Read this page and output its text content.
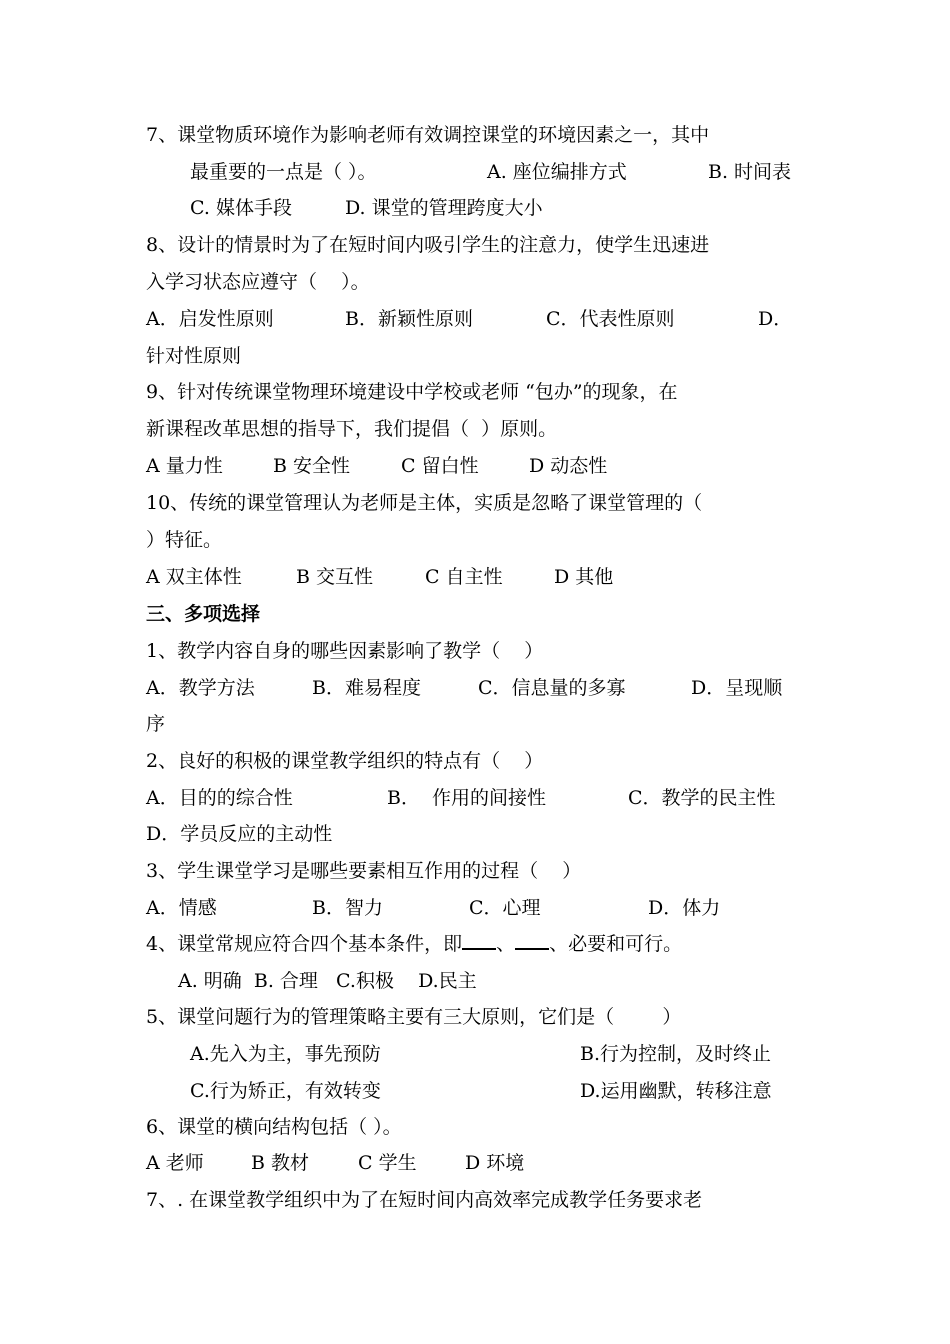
7、课堂物质环境作为影响老师有效调控课堂的环境因素之一，其中
最重要的一点是（ ）。	A. 座位编排方式	B. 时间表
C. 媒体手段	D. 课堂的管理跨度大小
8、设计的情景时为了在短时间内吸引学生的注意力，使学生迅速进
入学习状态应遵守（    ）。
A．启发性原则	B．新颖性原则	C．代表性原则	D．
针对性原则
9、针对传统课堂物理环境建设中学校或老师 “包办”的现象，在
新课程改革思想的指导下，我们提倡（  ）原则。
A 量力性	B 安全性	C 留白性	D 动态性
10、传统的课堂管理认为老师是主体，实质是忽略了课堂管理的（
）特征。
A 双主体性	B 交互性	C 自主性	D 其他
三、多项选择
1、教学内容自身的哪些因素影响了教学（    ）
A．教学方法	B．难易程度	C．信息量的多寡	D．呈现顺
序
2、良好的积极的课堂教学组织的特点有（    ）
A．目的的综合性	B．  作用的间接性	C．教学的民主性
D．学员反应的主动性
3、学生课堂学习是哪些要素相互作用的过程（    ）
A．情感	B．智力	C．心理	D．体力
4、课堂常规应符合四个基本条件，即 、 、必要和可行。
A. 明确  B. 合理   C.积极    D.民主
5、课堂问题行为的管理策略主要有三大原则，它们是（        ）
A.先入为主，事先预防	B.行为控制，及时终止
C.行为矫正，有效转变	D.运用幽默，转移注意
6、课堂的横向结构包括（ ）。
A 老师 B 教材	C 学生	D 环境
7、. 在课堂教学组织中为了在短时间内高效率完成教学任务要求老
